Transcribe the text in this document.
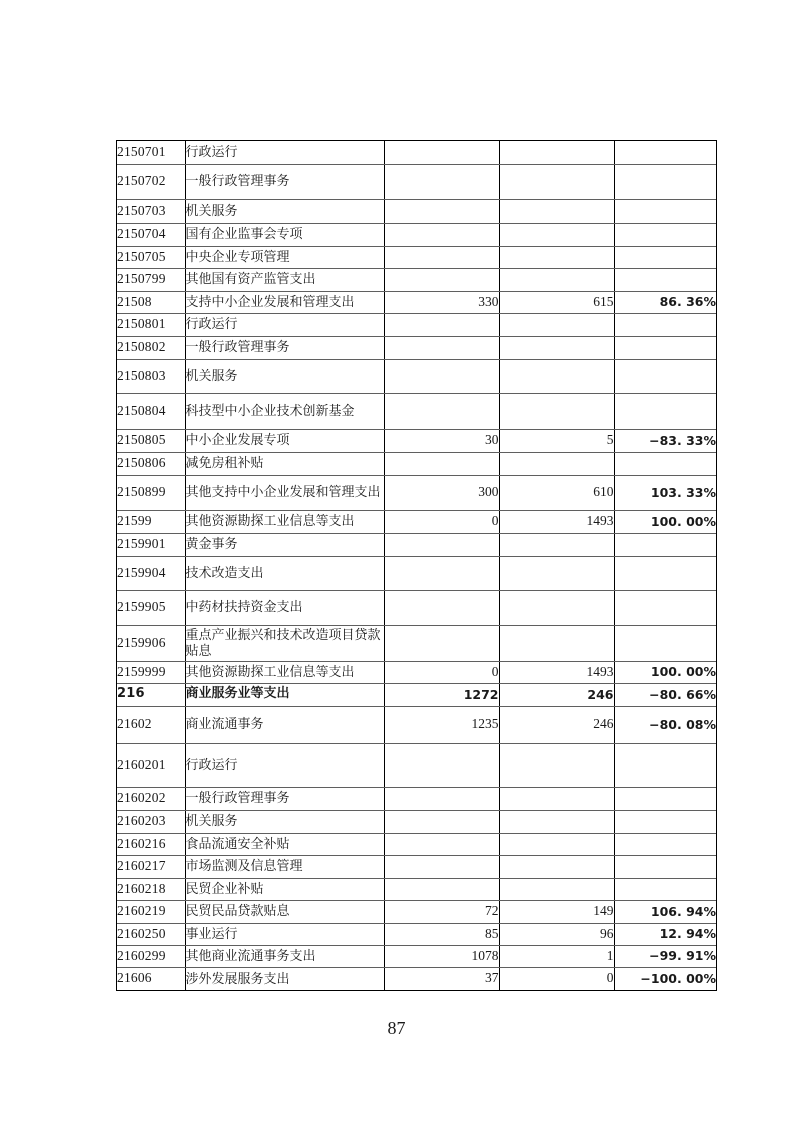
2150701	行政运行			
2150702	一般行政管理事务			
2150703	机关服务			
2150704	国有企业监事会专项			
2150705	中央企业专项管理			
2150799	其他国有资产监管支出			
21508	支持中小企业发展和管理支出	330	615	86. 36%
2150801	行政运行			
2150802	一般行政管理事务			
2150803	机关服务			
2150804	科技型中小企业技术创新基金			
2150805	中小企业发展专项	30	5	−83. 33%
2150806	减免房租补贴			
2150899	其他支持中小企业发展和管理支出	300	610	103. 33%
21599	其他资源勘探工业信息等支出	0	1493	100. 00%
2159901	黄金事务			
2159904	技术改造支出			
2159905	中药材扶持资金支出			
2159906	重点产业振兴和技术改造项目贷款贴息			
2159999	其他资源勘探工业信息等支出	0	1493	100. 00%
216	商业服务业等支出	1272	246	−80. 66%
21602	商业流通事务	1235	246	−80. 08%
2160201	行政运行			
2160202	一般行政管理事务			
2160203	机关服务			
2160216	食品流通安全补贴			
2160217	市场监测及信息管理			
2160218	民贸企业补贴			
2160219	民贸民品贷款贴息	72	149	106. 94%
2160250	事业运行	85	96	12. 94%
2160299	其他商业流通事务支出	1078	1	−99. 91%
21606	涉外发展服务支出	37	0	−100. 00%
87
